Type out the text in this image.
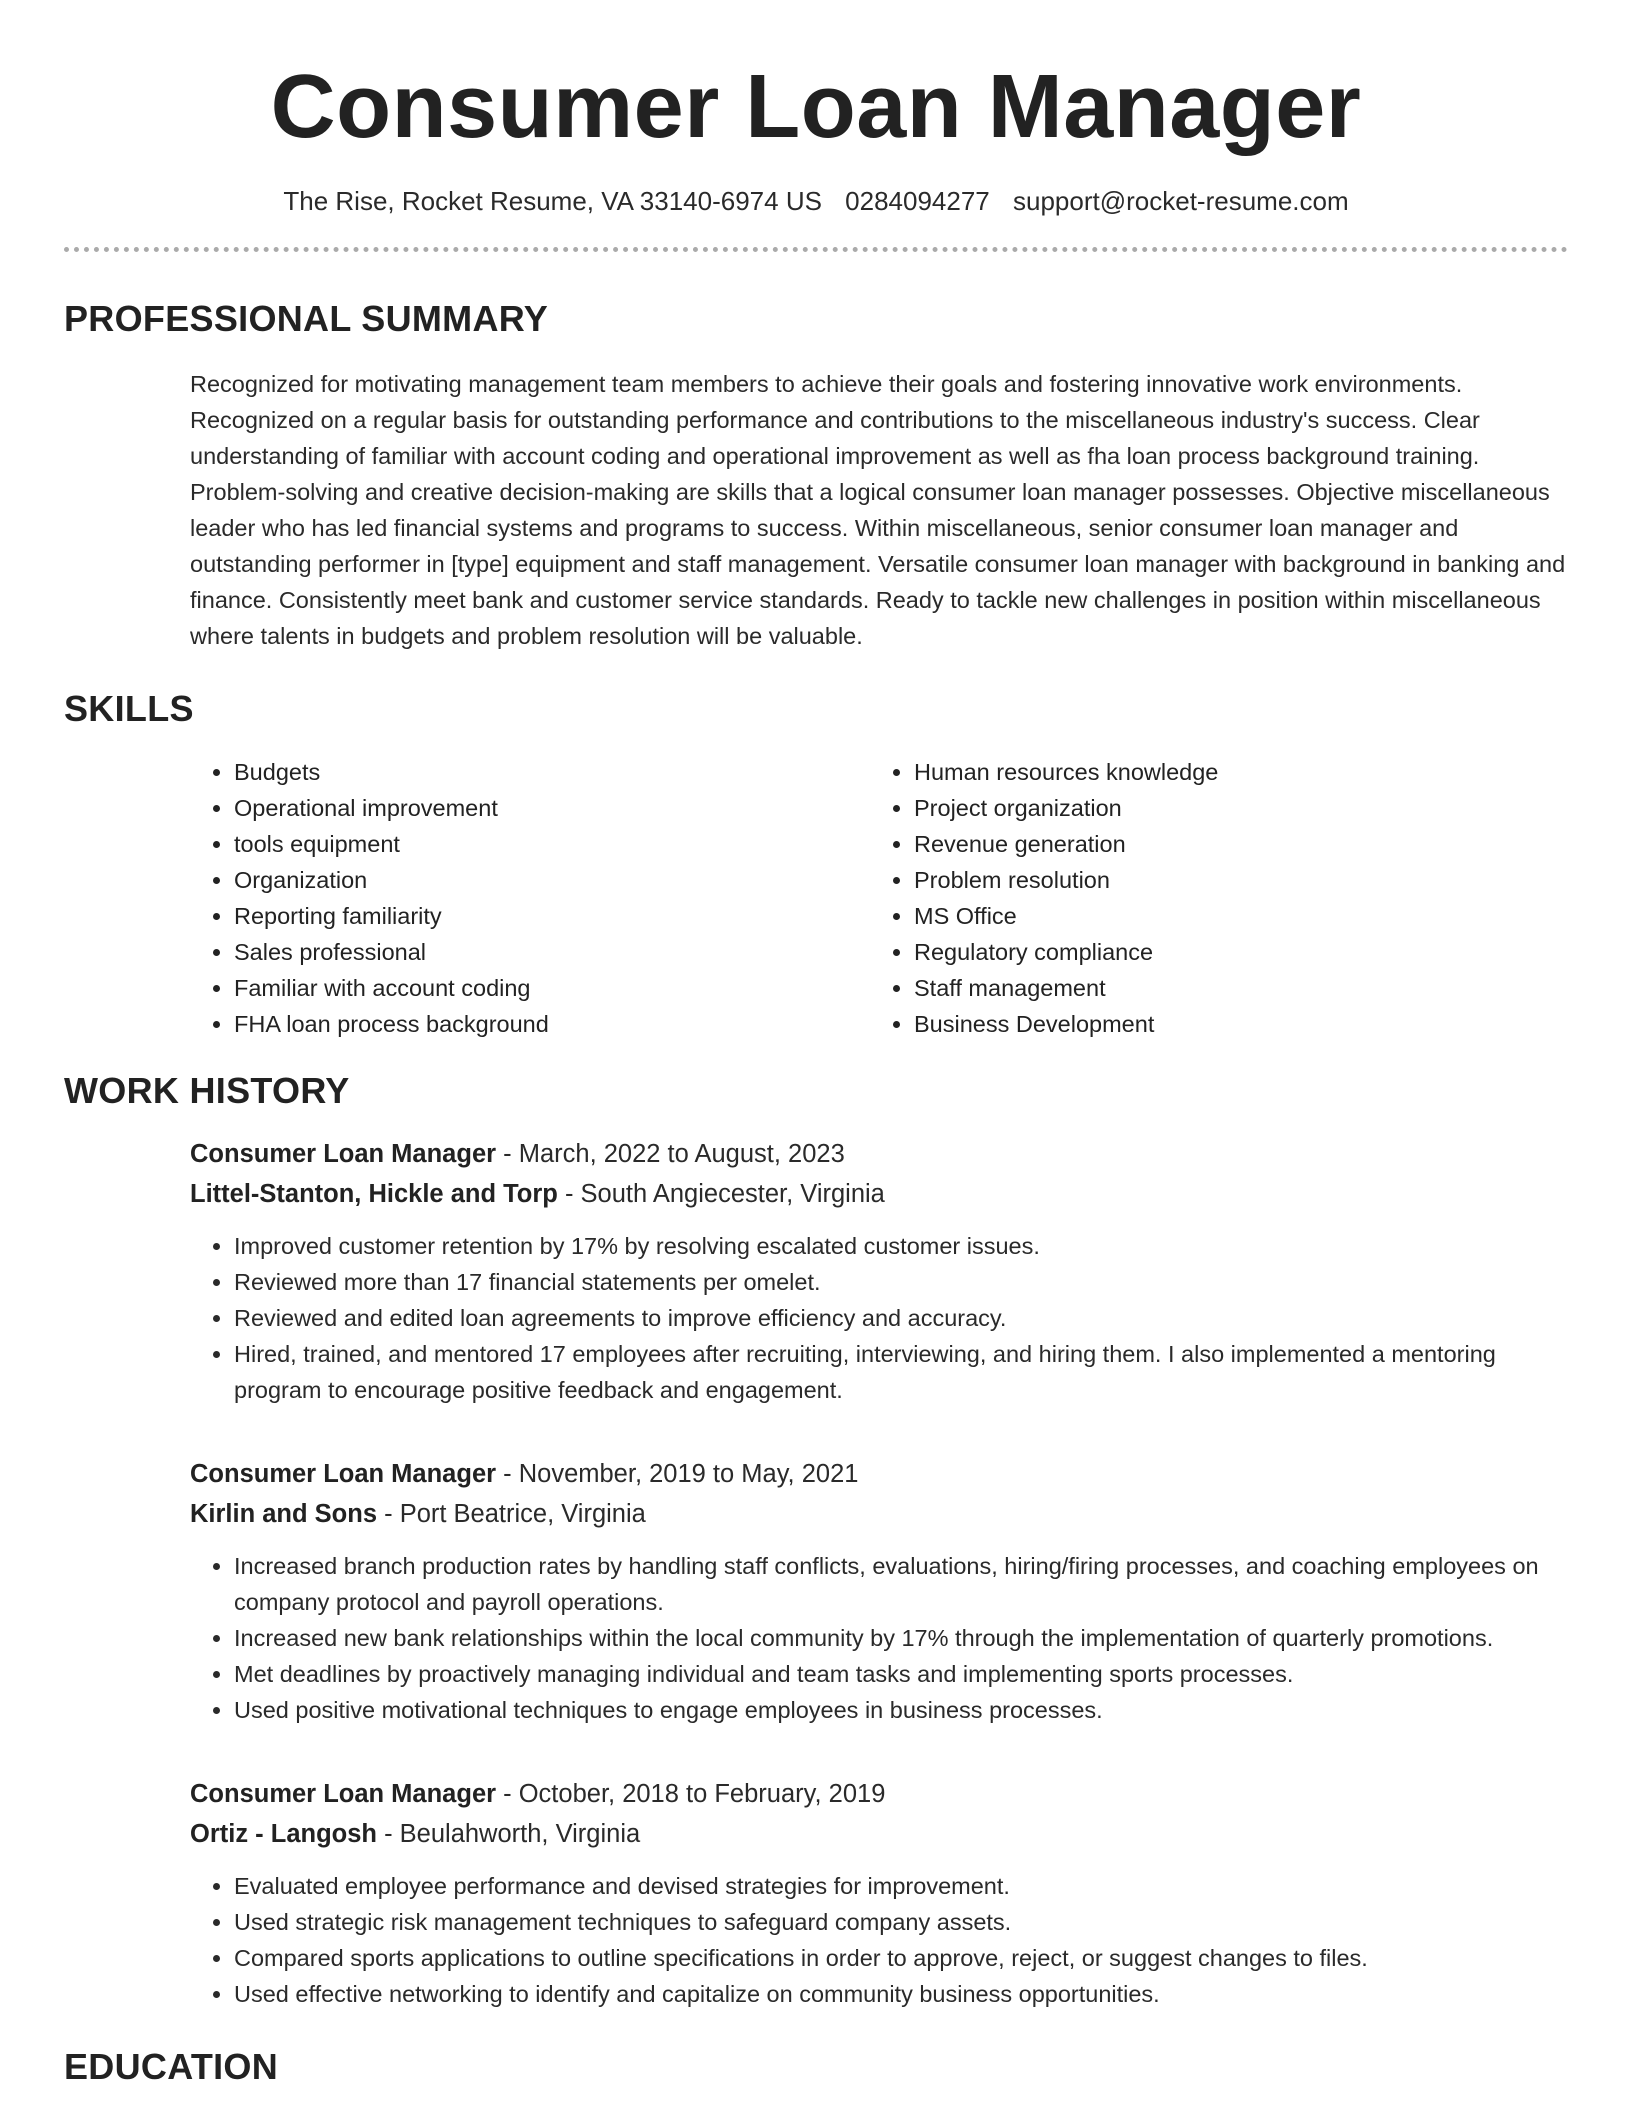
Consumer Loan Manager
The Rise, Rocket Resume, VA 33140-6974 US 0284094277 support@rocket-resume.com
PROFESSIONAL SUMMARY

Recognized for motivating management team members to achieve their goals and fostering innovative work environments. Recognized on a regular basis for outstanding performance and contributions to the miscellaneous industry's success. Clear understanding of familiar with account coding and operational improvement as well as fha loan process background training. Problem-solving and creative decision-making are skills that a logical consumer loan manager possesses. Objective miscellaneous leader who has led financial systems and programs to success. Within miscellaneous, senior consumer loan manager and outstanding performer in [type] equipment and staff management. Versatile consumer loan manager with background in banking and finance. Consistently meet bank and customer service standards. Ready to tackle new challenges in position within miscellaneous where talents in budgets and problem resolution will be valuable.

SKILLS
• Budgets
• Operational improvement
• tools equipment
• Organization
• Reporting familiarity
• Sales professional
• Familiar with account coding
• FHA loan process background
• Human resources knowledge
• Project organization
• Revenue generation
• Problem resolution
• MS Office
• Regulatory compliance
• Staff management
• Business Development
WORK HISTORY
Consumer Loan Manager - March, 2022 to August, 2023
Littel-Stanton, Hickle and Torp - South Angiecester, Virginia
• Improved customer retention by 17% by resolving escalated customer issues.
• Reviewed more than 17 financial statements per omelet.
• Reviewed and edited loan agreements to improve efficiency and accuracy.
• Hired, trained, and mentored 17 employees after recruiting, interviewing, and hiring them. I also implemented a mentoring program to encourage positive feedback and engagement.
Consumer Loan Manager - November, 2019 to May, 2021
Kirlin and Sons - Port Beatrice, Virginia
• Increased branch production rates by handling staff conflicts, evaluations, hiring/firing processes, and coaching employees on company protocol and payroll operations.
• Increased new bank relationships within the local community by 17% through the implementation of quarterly promotions.
• Met deadlines by proactively managing individual and team tasks and implementing sports processes.
• Used positive motivational techniques to engage employees in business processes.
Consumer Loan Manager - October, 2018 to February, 2019
Ortiz - Langosh - Beulahworth, Virginia
• Evaluated employee performance and devised strategies for improvement.
• Used strategic risk management techniques to safeguard company assets.
• Compared sports applications to outline specifications in order to approve, reject, or suggest changes to files.
• Used effective networking to identify and capitalize on community business opportunities.
EDUCATION
